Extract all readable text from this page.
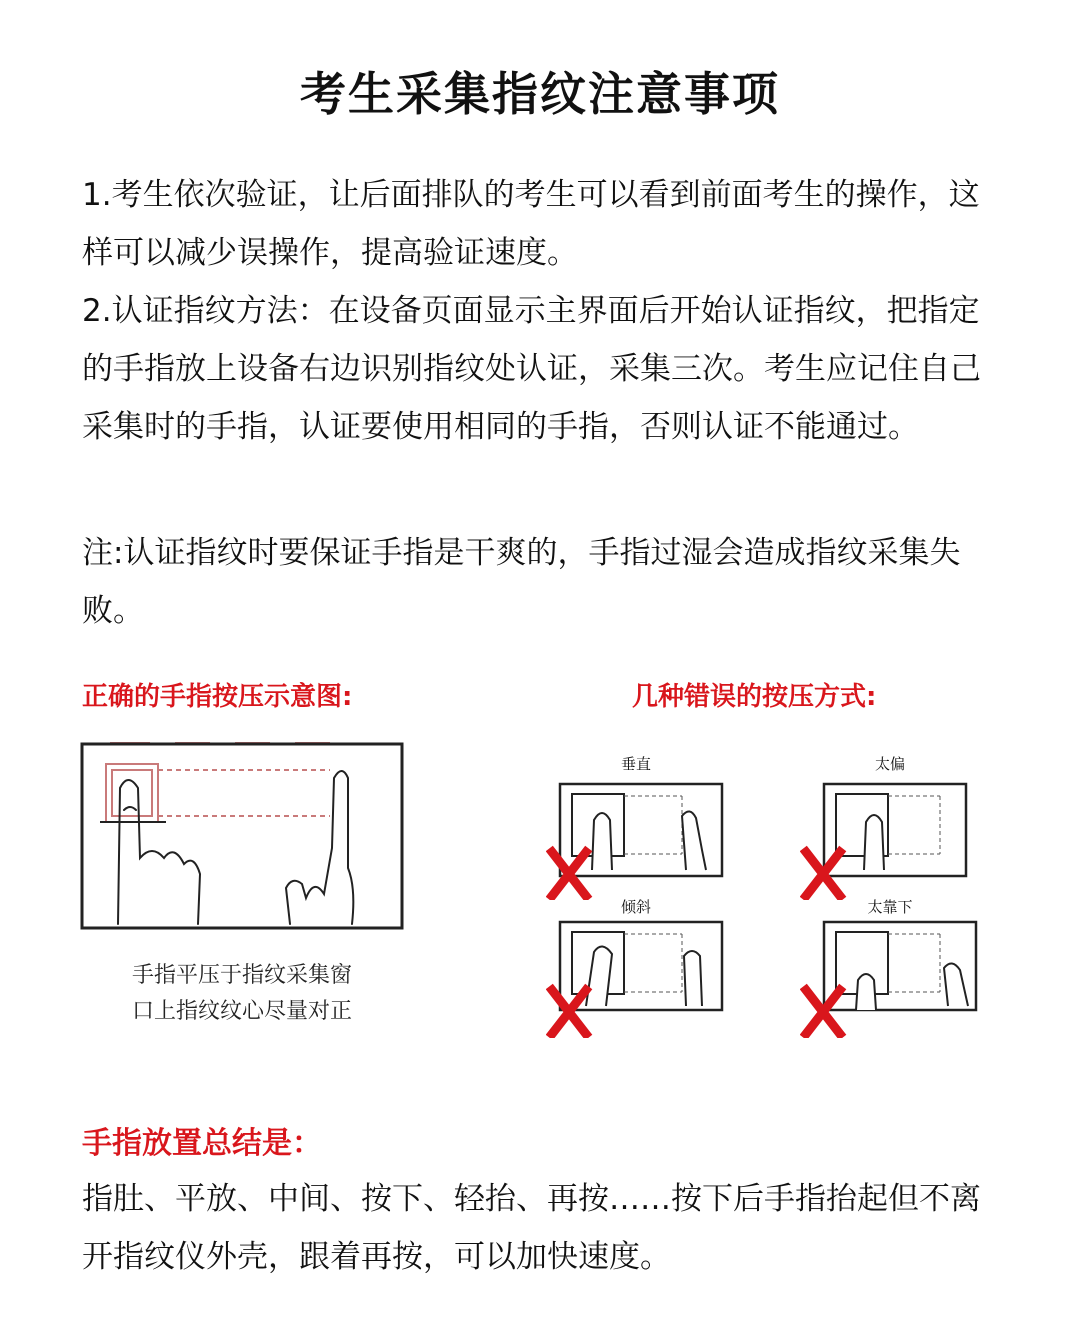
考生采集指纹注意事项

1.考生依次验证，让后面排队的考生可以看到前面考生的操作，这样可以减少误操作，提高验证速度。

2.认证指纹方法：在设备页面显示主界面后开始认证指纹，把指定的手指放上设备右边识别指纹处认证，采集三次。考生应记住自己采集时的手指，认证要使用相同的手指，否则认证不能通过。

注:认证指纹时要保证手指是干爽的，手指过湿会造成指纹采集失败。

正确的手指按压示意图:	几种错误的按压方式:
手指平压于指纹采集窗
口上指纹纹心尽量对正
垂直	太偏
倾斜	太靠下
手指放置总结是：

指肚、平放、中间、按下、轻抬、再按……按下后手指抬起但不离开指纹仪外壳，跟着再按，可以加快速度。
